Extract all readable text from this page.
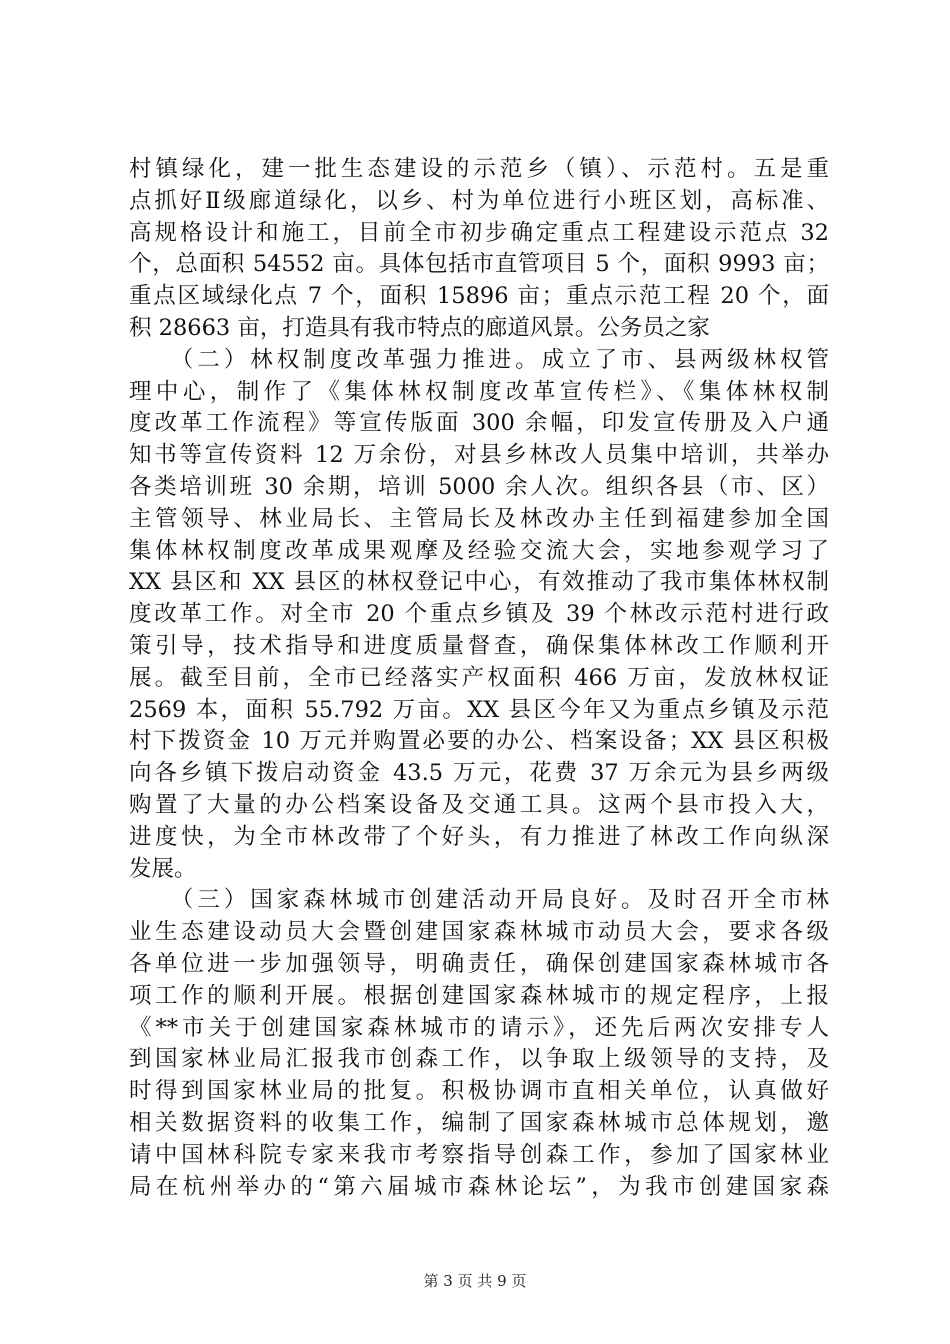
村镇绿化，建一批生态建设的示范乡（镇）、示范村。五是重
点抓好Ⅱ级廊道绿化，以乡、村为单位进行小班区划，高标准、
高规格设计和施工，目前全市初步确定重点工程建设示范点 32
个，总面积 54552 亩。具体包括市直管项目 5 个，面积 9993 亩；
重点区域绿化点 7 个，面积 15896 亩；重点示范工程 20 个，面
积 28663 亩，打造具有我市特点的廊道风景。公务员之家
　　（二）林权制度改革强力推进。成立了市、县两级林权管
理中心，制作了《集体林权制度改革宣传栏》、《集体林权制
度改革工作流程》等宣传版面 300 余幅，印发宣传册及入户通
知书等宣传资料 12 万余份，对县乡林改人员集中培训，共举办
各类培训班 30 余期，培训 5000 余人次。组织各县（市、区）
主管领导、林业局长、主管局长及林改办主任到福建参加全国
集体林权制度改革成果观摩及经验交流大会，实地参观学习了
XX 县区和 XX 县区的林权登记中心，有效推动了我市集体林权制
度改革工作。对全市 20 个重点乡镇及 39 个林改示范村进行政
策引导，技术指导和进度质量督查，确保集体林改工作顺利开
展。截至目前，全市已经落实产权面积 466 万亩，发放林权证
2569 本，面积 55.792 万亩。XX 县区今年又为重点乡镇及示范
村下拨资金 10 万元并购置必要的办公、档案设备；XX 县区积极
向各乡镇下拨启动资金 43.5 万元，花费 37 万余元为县乡两级
购置了大量的办公档案设备及交通工具。这两个县市投入大，
进度快，为全市林改带了个好头，有力推进了林改工作向纵深
发展。
　　（三）国家森林城市创建活动开局良好。及时召开全市林
业生态建设动员大会暨创建国家森林城市动员大会，要求各级
各单位进一步加强领导，明确责任，确保创建国家森林城市各
项工作的顺利开展。根据创建国家森林城市的规定程序，上报
《**市关于创建国家森林城市的请示》，还先后两次安排专人
到国家林业局汇报我市创森工作，以争取上级领导的支持，及
时得到国家林业局的批复。积极协调市直相关单位，认真做好
相关数据资料的收集工作，编制了国家森林城市总体规划，邀
请中国林科院专家来我市考察指导创森工作，参加了国家林业
局在杭州举办的“第六届城市森林论坛”，为我市创建国家森
第 3 页 共 9 页
